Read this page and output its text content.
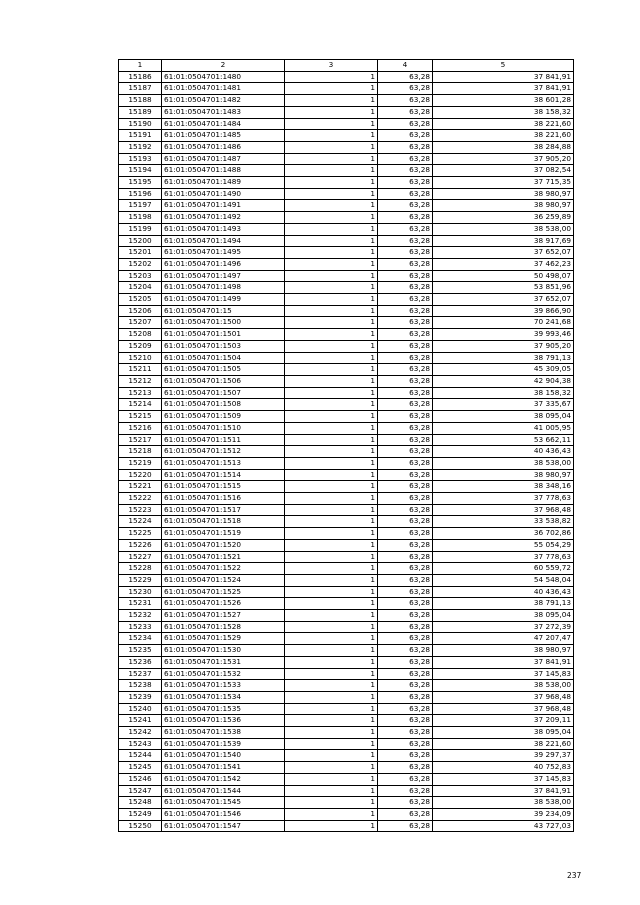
1	2	3	4	5
15186	61:01:0504701:1480	1	63,28	37 841,91
15187	61:01:0504701:1481	1	63,28	37 841,91
15188	61:01:0504701:1482	1	63,28	38 601,28
15189	61:01:0504701:1483	1	63,28	38 158,32
15190	61:01:0504701:1484	1	63,28	38 221,60
15191	61:01:0504701:1485	1	63,28	38 221,60
15192	61:01:0504701:1486	1	63,28	38 284,88
15193	61:01:0504701:1487	1	63,28	37 905,20
15194	61:01:0504701:1488	1	63,28	37 082,54
15195	61:01:0504701:1489	1	63,28	37 715,35
15196	61:01:0504701:1490	1	63,28	38 980,97
15197	61:01:0504701:1491	1	63,28	38 980,97
15198	61:01:0504701:1492	1	63,28	36 259,89
15199	61:01:0504701:1493	1	63,28	38 538,00
15200	61:01:0504701:1494	1	63,28	38 917,69
15201	61:01:0504701:1495	1	63,28	37 652,07
15202	61:01:0504701:1496	1	63,28	37 462,23
15203	61:01:0504701:1497	1	63,28	50 498,07
15204	61:01:0504701:1498	1	63,28	53 851,96
15205	61:01:0504701:1499	1	63,28	37 652,07
15206	61:01:0504701:15	1	63,28	39 866,90
15207	61:01:0504701:1500	1	63,28	70 241,68
15208	61:01:0504701:1501	1	63,28	39 993,46
15209	61:01:0504701:1503	1	63,28	37 905,20
15210	61:01:0504701:1504	1	63,28	38 791,13
15211	61:01:0504701:1505	1	63,28	45 309,05
15212	61:01:0504701:1506	1	63,28	42 904,38
15213	61:01:0504701:1507	1	63,28	38 158,32
15214	61:01:0504701:1508	1	63,28	37 335,67
15215	61:01:0504701:1509	1	63,28	38 095,04
15216	61:01:0504701:1510	1	63,28	41 005,95
15217	61:01:0504701:1511	1	63,28	53 662,11
15218	61:01:0504701:1512	1	63,28	40 436,43
15219	61:01:0504701:1513	1	63,28	38 538,00
15220	61:01:0504701:1514	1	63,28	38 980,97
15221	61:01:0504701:1515	1	63,28	38 348,16
15222	61:01:0504701:1516	1	63,28	37 778,63
15223	61:01:0504701:1517	1	63,28	37 968,48
15224	61:01:0504701:1518	1	63,28	33 538,82
15225	61:01:0504701:1519	1	63,28	36 702,86
15226	61:01:0504701:1520	1	63,28	55 054,29
15227	61:01:0504701:1521	1	63,28	37 778,63
15228	61:01:0504701:1522	1	63,28	60 559,72
15229	61:01:0504701:1524	1	63,28	54 548,04
15230	61:01:0504701:1525	1	63,28	40 436,43
15231	61:01:0504701:1526	1	63,28	38 791,13
15232	61:01:0504701:1527	1	63,28	38 095,04
15233	61:01:0504701:1528	1	63,28	37 272,39
15234	61:01:0504701:1529	1	63,28	47 207,47
15235	61:01:0504701:1530	1	63,28	38 980,97
15236	61:01:0504701:1531	1	63,28	37 841,91
15237	61:01:0504701:1532	1	63,28	37 145,83
15238	61:01:0504701:1533	1	63,28	38 538,00
15239	61:01:0504701:1534	1	63,28	37 968,48
15240	61:01:0504701:1535	1	63,28	37 968,48
15241	61:01:0504701:1536	1	63,28	37 209,11
15242	61:01:0504701:1538	1	63,28	38 095,04
15243	61:01:0504701:1539	1	63,28	38 221,60
15244	61:01:0504701:1540	1	63,28	39 297,37
15245	61:01:0504701:1541	1	63,28	40 752,83
15246	61:01:0504701:1542	1	63,28	37 145,83
15247	61:01:0504701:1544	1	63,28	37 841,91
15248	61:01:0504701:1545	1	63,28	38 538,00
15249	61:01:0504701:1546	1	63,28	39 234,09
15250	61:01:0504701:1547	1	63,28	43 727,03
237
